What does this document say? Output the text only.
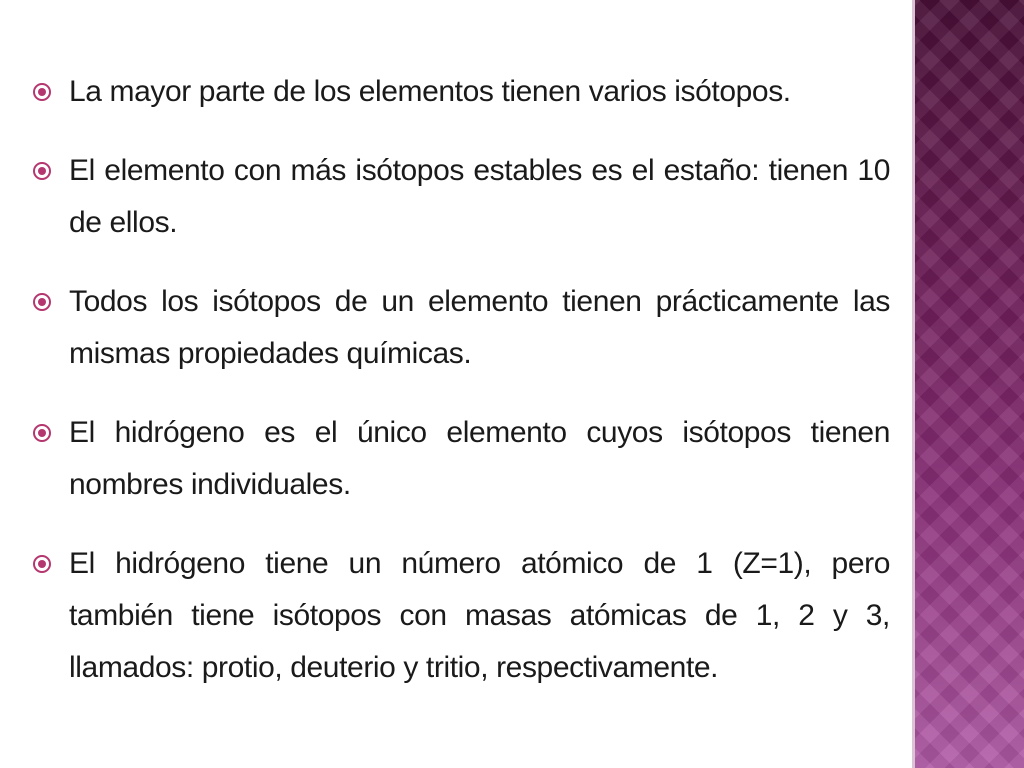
La mayor parte de los elementos tienen varios isótopos.
El elemento con más isótopos estables es el estaño: tienen 10 de ellos.
Todos los isótopos de un elemento tienen prácticamente las mismas propiedades químicas.
El hidrógeno es el único elemento cuyos isótopos tienen nombres individuales.
El hidrógeno tiene un número atómico de 1 (Z=1), pero también tiene isótopos con masas atómicas de 1, 2 y 3, llamados: protio, deuterio y tritio, respectivamente.
